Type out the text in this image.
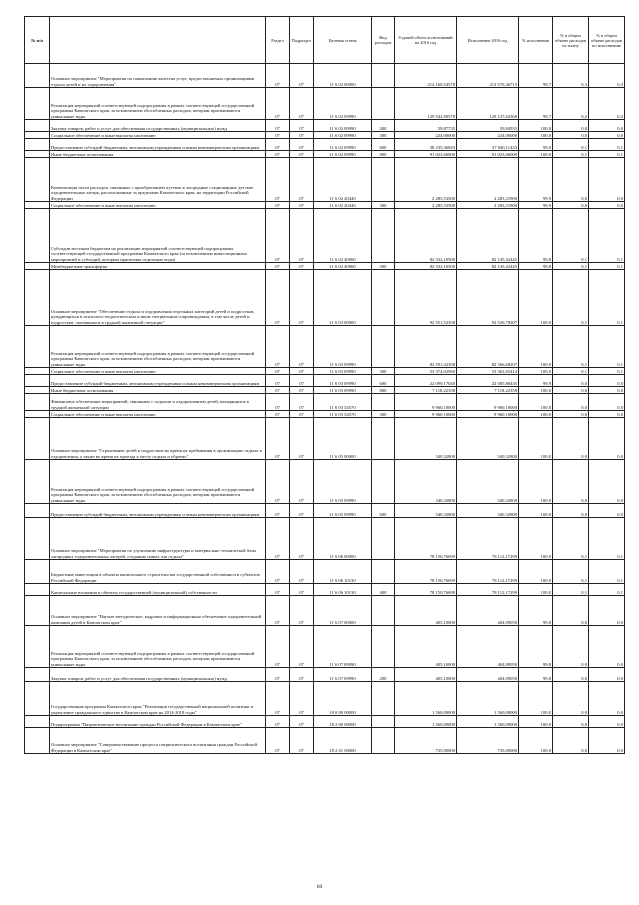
№ п/п		Раздел	Подраздел	Целевая статья	Вид расходов	Годовой объем ассигнований на 2016 год	Исполнение 2016 год	% исполнения	% в общем объеме расходов по плану	% в общем объеме расходов по исполнению
	Основное мероприятие "Мероприятия по повышению качества услуг, предоставляемых организациями отдыха детей и их оздоровления"	07	07	11 6 02 00000		214 160,54578	213 576,36713	99,7	0,3	0,3
	Реализация мероприятий соответствующей подпрограммы в рамках соответствующей государственной программы Камчатского края, за исключением обособленных расходов, которым присваиваются уникальные коды	07	07	11 6 02 09990		129 542,90578	129 147,62368	99,7	0,2	0,2
	Закупка товаров, работ и услуг для обеспечения государственных (муниципальных) нужд	07	07	11 6 02 09990	200	59,87735	59,84935	100,0	0,0	0,0
	Социальное обеспечение и иные выплаты населению	07	07	11 6 02 09990	300	224,00000	224,00000	100,0	0,0	0,0
	Предоставление субсидий бюджетным, автономным учреждениям и иным некоммерческим организациям	07	07	11 6 02 09990	600	38 235,36843	37 840,11433	99,0	0,1	0,1
	Иные бюджетные ассигнования	07	07	11 6 02 09990	800	91 023,66000	91 023,66000	100,0	0,1	0,1
	Компенсация части расходов, связанных с приобретением путевок в загородные стационарные детские оздоровительные лагеря, расположенные за пределами Камчатского края, на территории Российской Федерации	07	07	11 6 02 20440		2 285,53500	2 283,31900	99,9	0,0	0,0
	Социальное обеспечение и иные выплаты населению	07	07	11 6 02 20440	300	2 285,53500	2 283,31900	99,9	0,0	0,0
	Субсидии местным бюджетам на реализацию мероприятий соответствующей подпрограммы соответствующей государственной программы Камчатского края (за исключением инвестиционных мероприятий и субсидий, которым присвоены отдельные коды)	07	07	11 6 02 40060		82 332,10500	82 145,42445	99,8	0,1	0,1
	Межбюджетные трансферты	07	07	11 6 02 40060	500	82 332,10500	82 145,42445	99,8	0,1	0,1
	Основное мероприятие "Обеспечение отдыха и оздоровления отдельных категорий детей и подростков, нуждающихся в психолого-педагогическом и ином специальном сопровождении, в том числе детей и подростков, оказавшихся в трудной жизненной ситуации"	07	07	11 6 03 00000		92 551,52358	92 526,78207	100,0	0,1	0,1
	Реализация мероприятий соответствующей подпрограммы в рамках соответствующей государственной программы Камчатского края, за исключением обособленных расходов, которым присваиваются уникальные коды	07	07	11 6 03 09990		82 591,42358	82 566,68207	100,0	0,1	0,1
	Социальное обеспечение и иные выплаты населению	07	07	11 6 03 09990	300	53 374,02960	53 362,65414	100,0	0,1	0,1
	Предоставление субсидий бюджетным, автономным учреждениям и иным некоммерческим организациям	07	07	11 6 03 09990	600	22 099,17040	22 085,80435	99,9	0,0	0,0
	Иные бюджетные ассигнования	07	07	11 6 03 09990	800	7 118,22358	7 118,22358	100,0	0,0	0,0
	Финансовое обеспечение мероприятий, связанных с отдыхом и оздоровлением детей, находящихся в трудной жизненной ситуации	07	07	11 6 03 54570		9 960,10000	9 960,10000	100,0	0,0	0,0
	Социальное обеспечение и иные выплаты населению	07	07	11 6 03 54570	300	9 960,10000	9 960,10000	100,0	0,0	0,0
	Основное мероприятие "Страхование детей и подростков во время их пребывания в организациях отдыха и оздоровления, а также во время их проезда к месту отдыха и обратно"	07	07	11 6 05 00000		340,32800	340,32800	100,0	0,0	0,0
	Реализация мероприятий соответствующей подпрограммы в рамках соответствующей государственной программы Камчатского края, за исключением обособленных расходов, которым присваиваются уникальные коды	07	07	11 6 05 09990		340,32800	340,32800	100,0	0,0	0,0
	Предоставление субсидий бюджетным, автономным учреждениям и иным некоммерческим организациям	07	07	11 6 05 09990	600	340,32800	340,32800	100,0	0,0	0,0
	Основное мероприятие "Мероприятия по улучшению инфраструктуры и материально-технической базы загородных оздоровительных лагерей, созданию новых зон отдыха"	07	07	11 6 06 00000		78 150,76699	78 112,17299	100,0	0,1	0,1
	Бюджетные инвестиции в объекты капитального строительства государственной собственности субъектов Российской Федерации	07	07	11 6 06 10130		78 150,76699	78 112,17299	100,0	0,1	0,1
	Капитальные вложения в объекты государственной (муниципальной) собственности	07	07	11 6 06 10130	400	78 150,76699	78 112,17299	100,0	0,1	0,1
	Основное мероприятие "Научно-методическое, кадровое и информационное обеспечение оздоровительной кампании детей в Камчатском крае"	07	07	11 6 07 00000		405,10000	404,09050	99,8	0,0	0,0
	Реализация мероприятий соответствующей подпрограммы в рамках соответствующей государственной программы Камчатского края, за исключением обособленных расходов, которым присваиваются уникальные коды	07	07	11 6 07 09990		405,10000	404,09050	99,8	0,0	0,0
	Закупка товаров, работ и услуг для обеспечения государственных (муниципальных) нужд	07	07	11 6 07 09990	200	405,10000	404,09050	99,8	0,0	0,0
	Государственная программа Камчатского края "Реализация государственной национальной политики и укрепление гражданского единства в Камчатском крае на 2014-2018 годы"	07	07	18 0 00 00000		1 560,00000	1 560,00000	100,0	0,0	0,0
	Подпрограмма "Патриотическое воспитание граждан Российской Федерации в Камчатском крае"	07	07	18 2 00 00000		1 560,00000	1 560,00000	100,0	0,0	0,0
	Основное мероприятие "Совершенствование процесса патриотического воспитания граждан Российской Федерации в Камчатском крае"	07	07	18 2 01 00000		735,00000	735,00000	100,0	0,0	0,0
60
